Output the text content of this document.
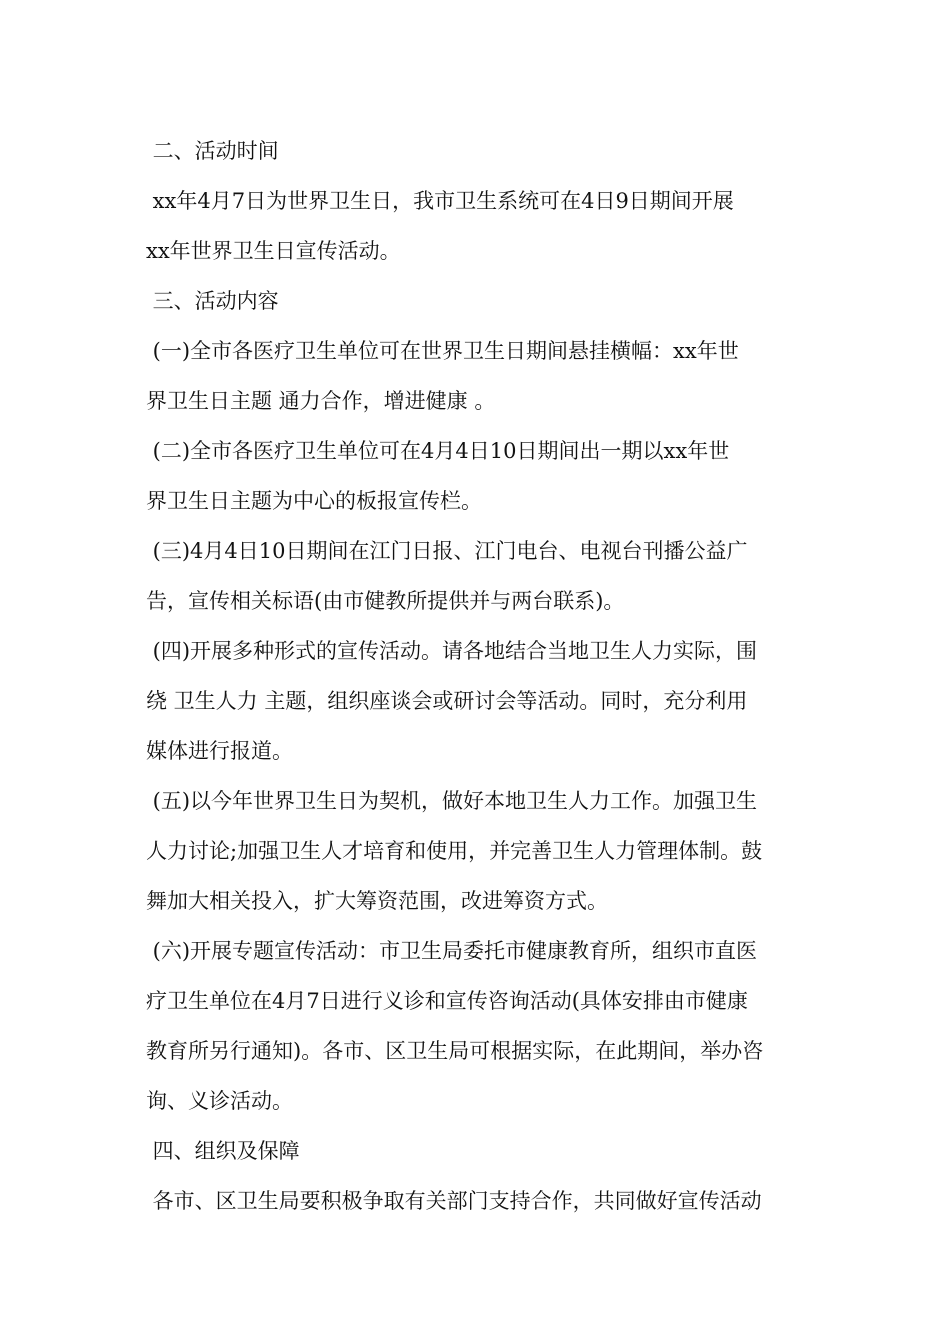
二、活动时间

xx年4月7日为世界卫生日，我市卫生系统可在4日9日期间开展

xx年世界卫生日宣传活动。

三、活动内容

(一)全市各医疗卫生单位可在世界卫生日期间悬挂横幅：xx年世

界卫生日主题 通力合作，增进健康 。

(二)全市各医疗卫生单位可在4月4日10日期间出一期以xx年世

界卫生日主题为中心的板报宣传栏。

(三)4月4日10日期间在江门日报、江门电台、电视台刊播公益广

告，宣传相关标语(由市健教所提供并与两台联系)。

(四)开展多种形式的宣传活动。请各地结合当地卫生人力实际，围

绕 卫生人力 主题，组织座谈会或研讨会等活动。同时，充分利用

媒体进行报道。

(五)以今年世界卫生日为契机，做好本地卫生人力工作。加强卫生

人力讨论;加强卫生人才培育和使用，并完善卫生人力管理体制。鼓

舞加大相关投入，扩大筹资范围，改进筹资方式。

(六)开展专题宣传活动：市卫生局委托市健康教育所，组织市直医

疗卫生单位在4月7日进行义诊和宣传咨询活动(具体安排由市健康

教育所另行通知)。各市、区卫生局可根据实际，在此期间，举办咨

询、义诊活动。

四、组织及保障

各市、区卫生局要积极争取有关部门支持合作，共同做好宣传活动
